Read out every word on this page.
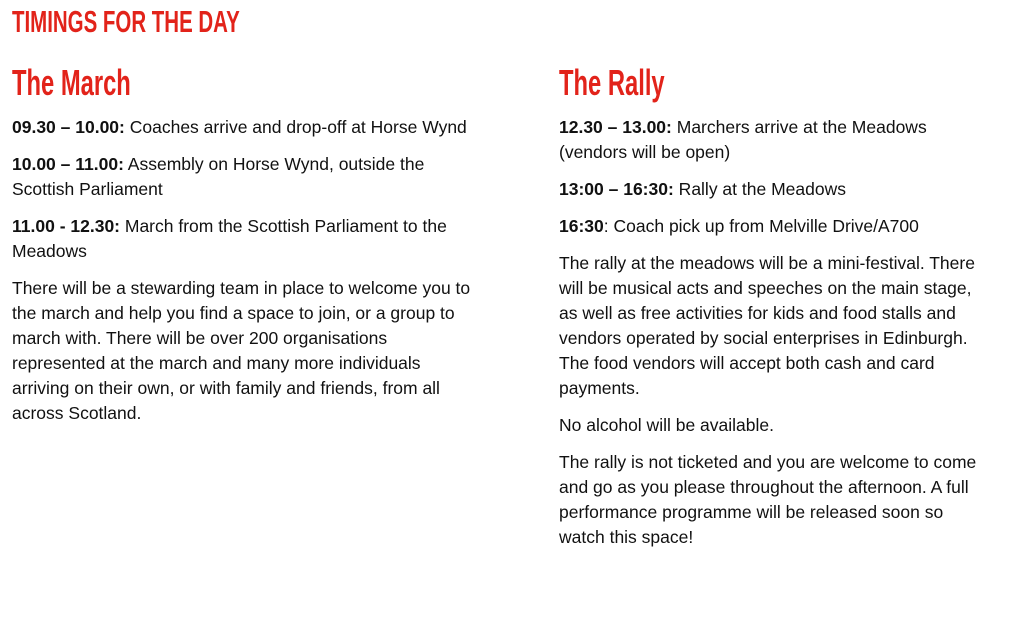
TIMINGS FOR THE DAY
The March

09.30 – 10.00: Coaches arrive and drop-off at Horse Wynd

10.00 – 11.00: Assembly on Horse Wynd, outside the Scottish Parliament

11.00 - 12.30: March from the Scottish Parliament to the Meadows

There will be a stewarding team in place to welcome you to the march and help you find a space to join, or a group to march with. There will be over 200 organisations represented at the march and many more individuals arriving on their own, or with family and friends, from all across Scotland.

The Rally

12.30 – 13.00: Marchers arrive at the Meadows (vendors will be open)

13:00 – 16:30: Rally at the Meadows

16:30: Coach pick up from Melville Drive/A700

The rally at the meadows will be a mini-festival. There will be musical acts and speeches on the main stage, as well as free activities for kids and food stalls and vendors operated by social enterprises in Edinburgh. The food vendors will accept both cash and card payments.

No alcohol will be available.

The rally is not ticketed and you are welcome to come and go as you please throughout the afternoon. A full performance programme will be released soon so watch this space!
